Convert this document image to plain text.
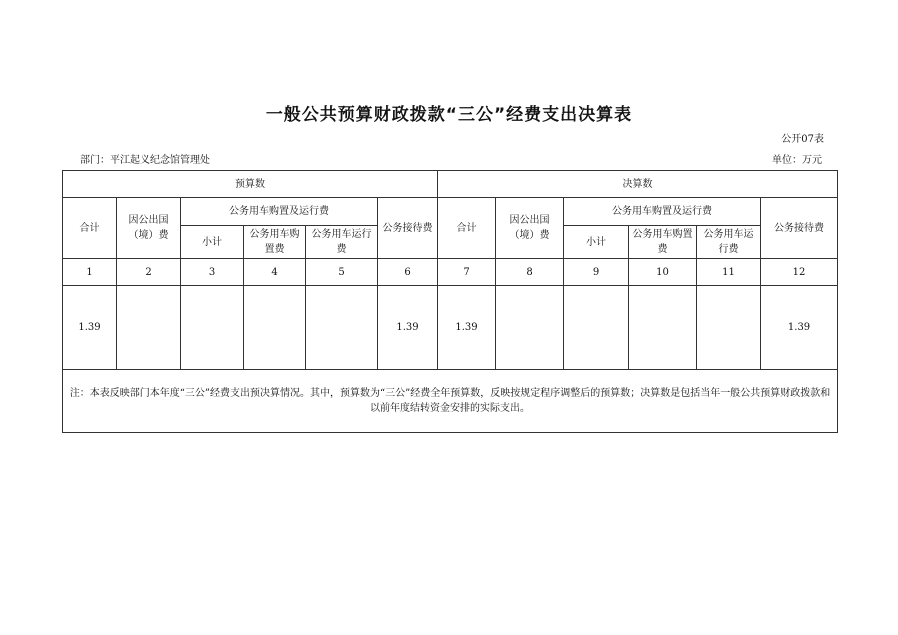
一般公共预算财政拨款“三公”经费支出决算表
公开07表
部门：平江起义纪念馆管理处	单位：万元
预算数						决算数					
合计	因公出国（境）费	公务用车购置及运行费			公务接待费	合计	因公出国（境）费	公务用车购置及运行费			公务接待费
		小计	公务用车购置费	公务用车运行费				小计	公务用车购置费	公务用车运行费	
1	2	3	4	5	6	7	8	9	10	11	12
1.39					1.39	1.39					1.39
注：本表反映部门本年度“三公”经费支出预决算情况。其中，预算数为“三公”经费全年预算数，反映按规定程序调整后的预算数；决算数是包括当年一般公共预算财政拨款和以前年度结转资金安排的实际支出。											
